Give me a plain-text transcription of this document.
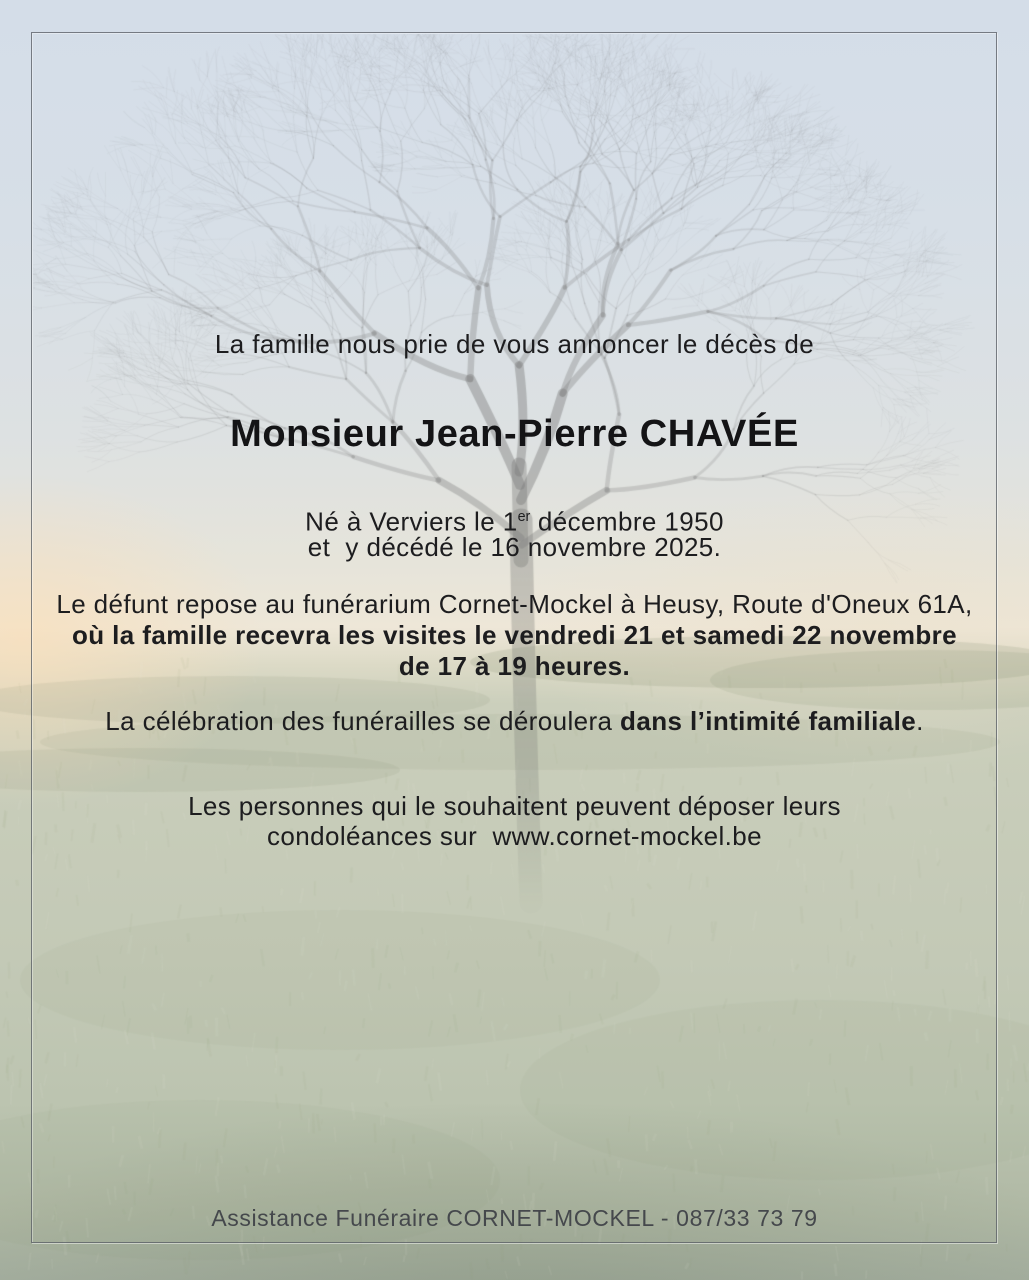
La famille nous prie de vous annoncer le décès de

Monsieur Jean-Pierre CHAVÉE

Né à Verviers le 1er décembre 1950

et  y décédé le 16 novembre 2025.

Le défunt repose au funérarium Cornet-Mockel à Heusy, Route d'Oneux 61A,

où la famille recevra les visites le vendredi 21 et samedi 22 novembre

de 17 à 19 heures.

La célébration des funérailles se déroulera dans l’intimité familiale.

Les personnes qui le souhaitent peuvent déposer leurs

condoléances sur  www.cornet-mockel.be

Assistance Funéraire CORNET-MOCKEL - 087/33 73 79
